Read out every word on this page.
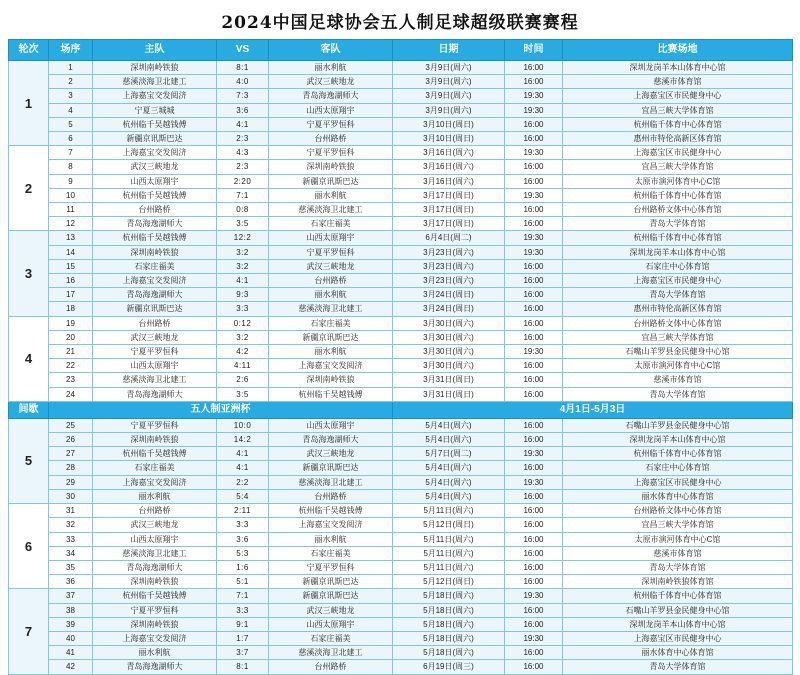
2024中国足球协会五人制足球超级联赛赛程
轮次	场序	主队	VS	客队	日期	时间	比赛场地
1	1	深圳南岭铁狼	8:1	丽水利航	3月9日(周六)	16:00	深圳龙岗羊本山体育中心馆
	2	慈溪淡海卫北建工	4:0	武汉三峡地龙	3月9日(周六)	16:00	慈溪市体育馆
	3	上海嘉宝交发阅济	7:3	青岛海逸湖师大	3月9日(周六)	19:30	上海嘉宝区市民健身中心
	4	宁夏三城城	3:6	山西太原翔宇	3月9日(周六)	19:30	宜昌三峡大学体育馆
	5	杭州临千吴越钱傅	4:1	宁夏平罗恒科	3月10日(周日)	16:00	杭州临千体育中心体育馆
	6	新疆京讯斯巴达	2:3	台州路桥	3月10日(周日)	16:00	惠州市特伦高新区体育馆
2	7	上海嘉宝交发阅济	4:3	宁夏平罗恒科	3月16日(周六)	19:30	上海嘉宝区市民健身中心
	8	武汉三峡地龙	2:3	深圳南岭铁狼	3月16日(周六)	16:00	宜昌三峡大学体育馆
	9	山西太原翔宇	2:20	新疆京讯斯巴达	3月16日(周六)	16:00	太原市演河体育中心C馆
	10	杭州临千吴越钱傅	7:1	丽水利航	3月17日(周日)	19:30	杭州临千体育中心体育馆
	11	台州路桥	0:8	慈溪淡海卫北建工	3月17日(周日)	16:00	台州路桥文体中心体育馆
	12	青岛海逸湖师大	3:5	石家庄福美	3月17日(周日)	16:00	青岛大学体育馆
3	13	杭州临千吴越钱傅	12:2	山西太原翔宇	6月4日(周二)	19:30	杭州临千体育中心体育馆
	14	深圳南岭铁狼	3:2	宁夏平罗恒科	3月23日(周六)	19:30	深圳龙岗羊本山体育中心馆
	15	石家庄福美	3:2	武汉三峡地龙	3月23日(周六)	16:00	石家庄中心体育馆
	16	上海嘉宝交发阅济	4:1	台州路桥	3月23日(周六)	16:00	上海嘉宝区市民健身中心
	17	青岛海逸湖师大	9:3	丽水利航	3月24日(周日)	16:00	青岛大学体育馆
	18	新疆京讯斯巴达	3:3	慈溪淡海卫北建工	3月24日(周日)	16:00	惠州市特伦高新区体育馆
4	19	台州路桥	0:12	石家庄福美	3月30日(周六)	16:00	台州路桥文体中心体育馆
	20	武汉三峡地龙	3:2	新疆京讯斯巴达	3月30日(周六)	16:00	宜昌三峡大学体育馆
	21	宁夏平罗恒科	4:2	丽水利航	3月30日(周六)	19:30	石嘴山羊罗县金民健身中心馆
	22	山西太原翔宇	4:11	上海嘉宝交发阅济	3月30日(周六)	16:00	太原市演河体育中心C馆
	23	慈溪淡海卫北建工	2:6	深圳南岭铁狼	3月31日(周日)	16:00	慈溪市体育馆
	24	青岛海逸湖师大	3:5	杭州临千吴越钱傅	3月31日(周日)	16:00	青岛大学体育馆
间歇	五人制亚洲杯				4月1日-5月3日		
5	25	宁夏平罗恒科	10:0	山西太原翔宇	5月4日(周六)	16:00	石嘴山羊罗县金民健身中心馆
	26	深圳南岭铁狼	14:2	青岛海逸湖师大	5月4日(周六)	16:00	深圳龙岗羊本山体育中心馆
	27	杭州临千吴越钱傅	4:1	武汉三峡地龙	5月7日(周二)	19:30	杭州临千体育中心体育馆
	28	石家庄福美	4:1	新疆京讯斯巴达	5月4日(周六)	16:00	石家庄中心体育馆
	29	上海嘉宝交发阅济	2:2	慈溪淡海卫北建工	5月4日(周六)	19:30	上海嘉宝区市民健身中心
	30	丽水利航	5:4	台州路桥	5月4日(周六)	16:00	丽水体育中心体育馆
6	31	台州路桥	2:11	杭州临千吴越钱傅	5月11日(周六)	16:00	台州路桥文体中心体育馆
	32	武汉三峡地龙	3:3	上海嘉宝交发阅济	5月12日(周日)	16:00	宜昌三峡大学体育馆
	33	山西太原翔宇	3:6	丽水利航	5月11日(周六)	16:00	太原市演河体育中心C馆
	34	慈溪淡海卫北建工	5:3	石家庄福美	5月11日(周六)	16:00	慈溪市体育馆
	35	青岛海逸湖师大	1:6	宁夏平罗恒科	5月11日(周六)	16:00	青岛大学体育馆
	36	深圳南岭铁狼	5:1	新疆京讯斯巴达	5月12日(周日)	16:00	深圳南岭铁狼体育馆
7	37	杭州临千吴越钱傅	7:1	新疆京讯斯巴达	5月18日(周六)	19:30	杭州临千体育中心体育馆
	38	宁夏平罗恒科	3:3	武汉三峡地龙	5月18日(周六)	16:00	石嘴山羊罗县金民健身中心馆
	39	深圳南岭铁狼	9:1	山西太原翔宇	5月18日(周六)	16:00	深圳龙岗羊本山体育中心馆
	40	上海嘉宝交发阅济	1:7	石家庄福美	5月18日(周六)	19:30	上海嘉宝区市民健身中心
	41	丽水利航	3:7	慈溪淡海卫北建工	5月18日(周六)	16:00	丽水体育中心体育馆
	42	青岛海逸湖师大	8:1	台州路桥	6月19日(周三)	16:00	青岛大学体育馆
